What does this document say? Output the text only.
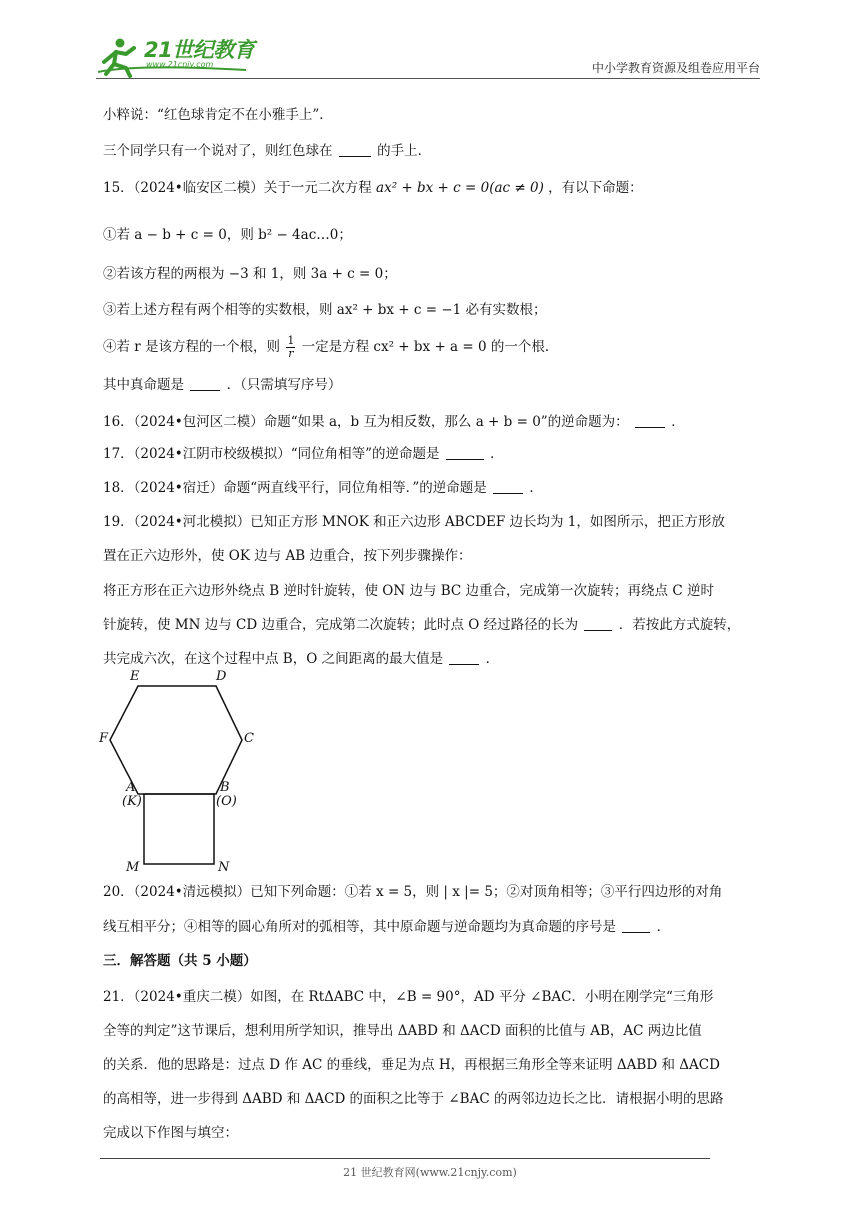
21世纪教育
www.21cnjy.com	中小学教育资源及组卷应用平台
小粹说：“红色球肯定不在小雅手上”．
三个同学只有一个说对了，则红色球在	的手上．
15．（2024•临安区二模）关于一元二次方程 ax² + bx + c = 0(ac ≠ 0) ，有以下命题：
①若 a − b + c = 0，则 b² − 4ac…0；
②若该方程的两根为 −3 和 1，则 3a + c = 0；
③若上述方程有两个相等的实数根，则 ax² + bx + c = −1 必有实数根；
④若 r 是该方程的一个根，则 $\frac{1}{r}$ 一定是方程 cx² + bx + a = 0 的一个根．
其中真命题是	．（只需填写序号）
16．（2024•包河区二模）命题“如果 a，b 互为相反数，那么 a + b = 0”的逆命题为：	．
17．（2024•江阴市校级模拟）“同位角相等”的逆命题是	．
18．（2024•宿迁）命题“两直线平行，同位角相等．”的逆命题是	．
19．（2024•河北模拟）已知正方形 MNOK 和正六边形 ABCDEF 边长均为 1，如图所示，把正方形放
置在正六边形外，使 OK 边与 AB 边重合，按下列步骤操作：
将正方形在正六边形外绕点 B 逆时针旋转，使 ON 边与 BC 边重合，完成第一次旋转；再绕点 C 逆时
针旋转，使 MN 边与 CD 边重合，完成第二次旋转；此时点 O 经过路径的长为	．若按此方式旋转，
共完成六次，在这个过程中点 B，O 之间距离的最大值是	．
E	D
F	C
A
(K)
B
(O)
M	N
20．（2024•清远模拟）已知下列命题：①若 x = 5，则 | x |= 5；②对顶角相等；③平行四边形的对角
线互相平分；④相等的圆心角所对的弧相等，其中原命题与逆命题均为真命题的序号是	．
三．解答题（共 5 小题）
21．（2024•重庆二模）如图，在 RtΔABC 中，∠B = 90°，AD 平分 ∠BAC．小明在刚学完“三角形
全等的判定”这节课后，想利用所学知识，推导出 ΔABD 和 ΔACD 面积的比值与 AB，AC 两边比值
的关系．他的思路是：过点 D 作 AC 的垂线，垂足为点 H，再根据三角形全等来证明 ΔABD 和 ΔACD
的高相等，进一步得到 ΔABD 和 ΔACD 的面积之比等于 ∠BAC 的两邻边边长之比．请根据小明的思路
完成以下作图与填空：
21 世纪教育网(www.21cnjy.com)
